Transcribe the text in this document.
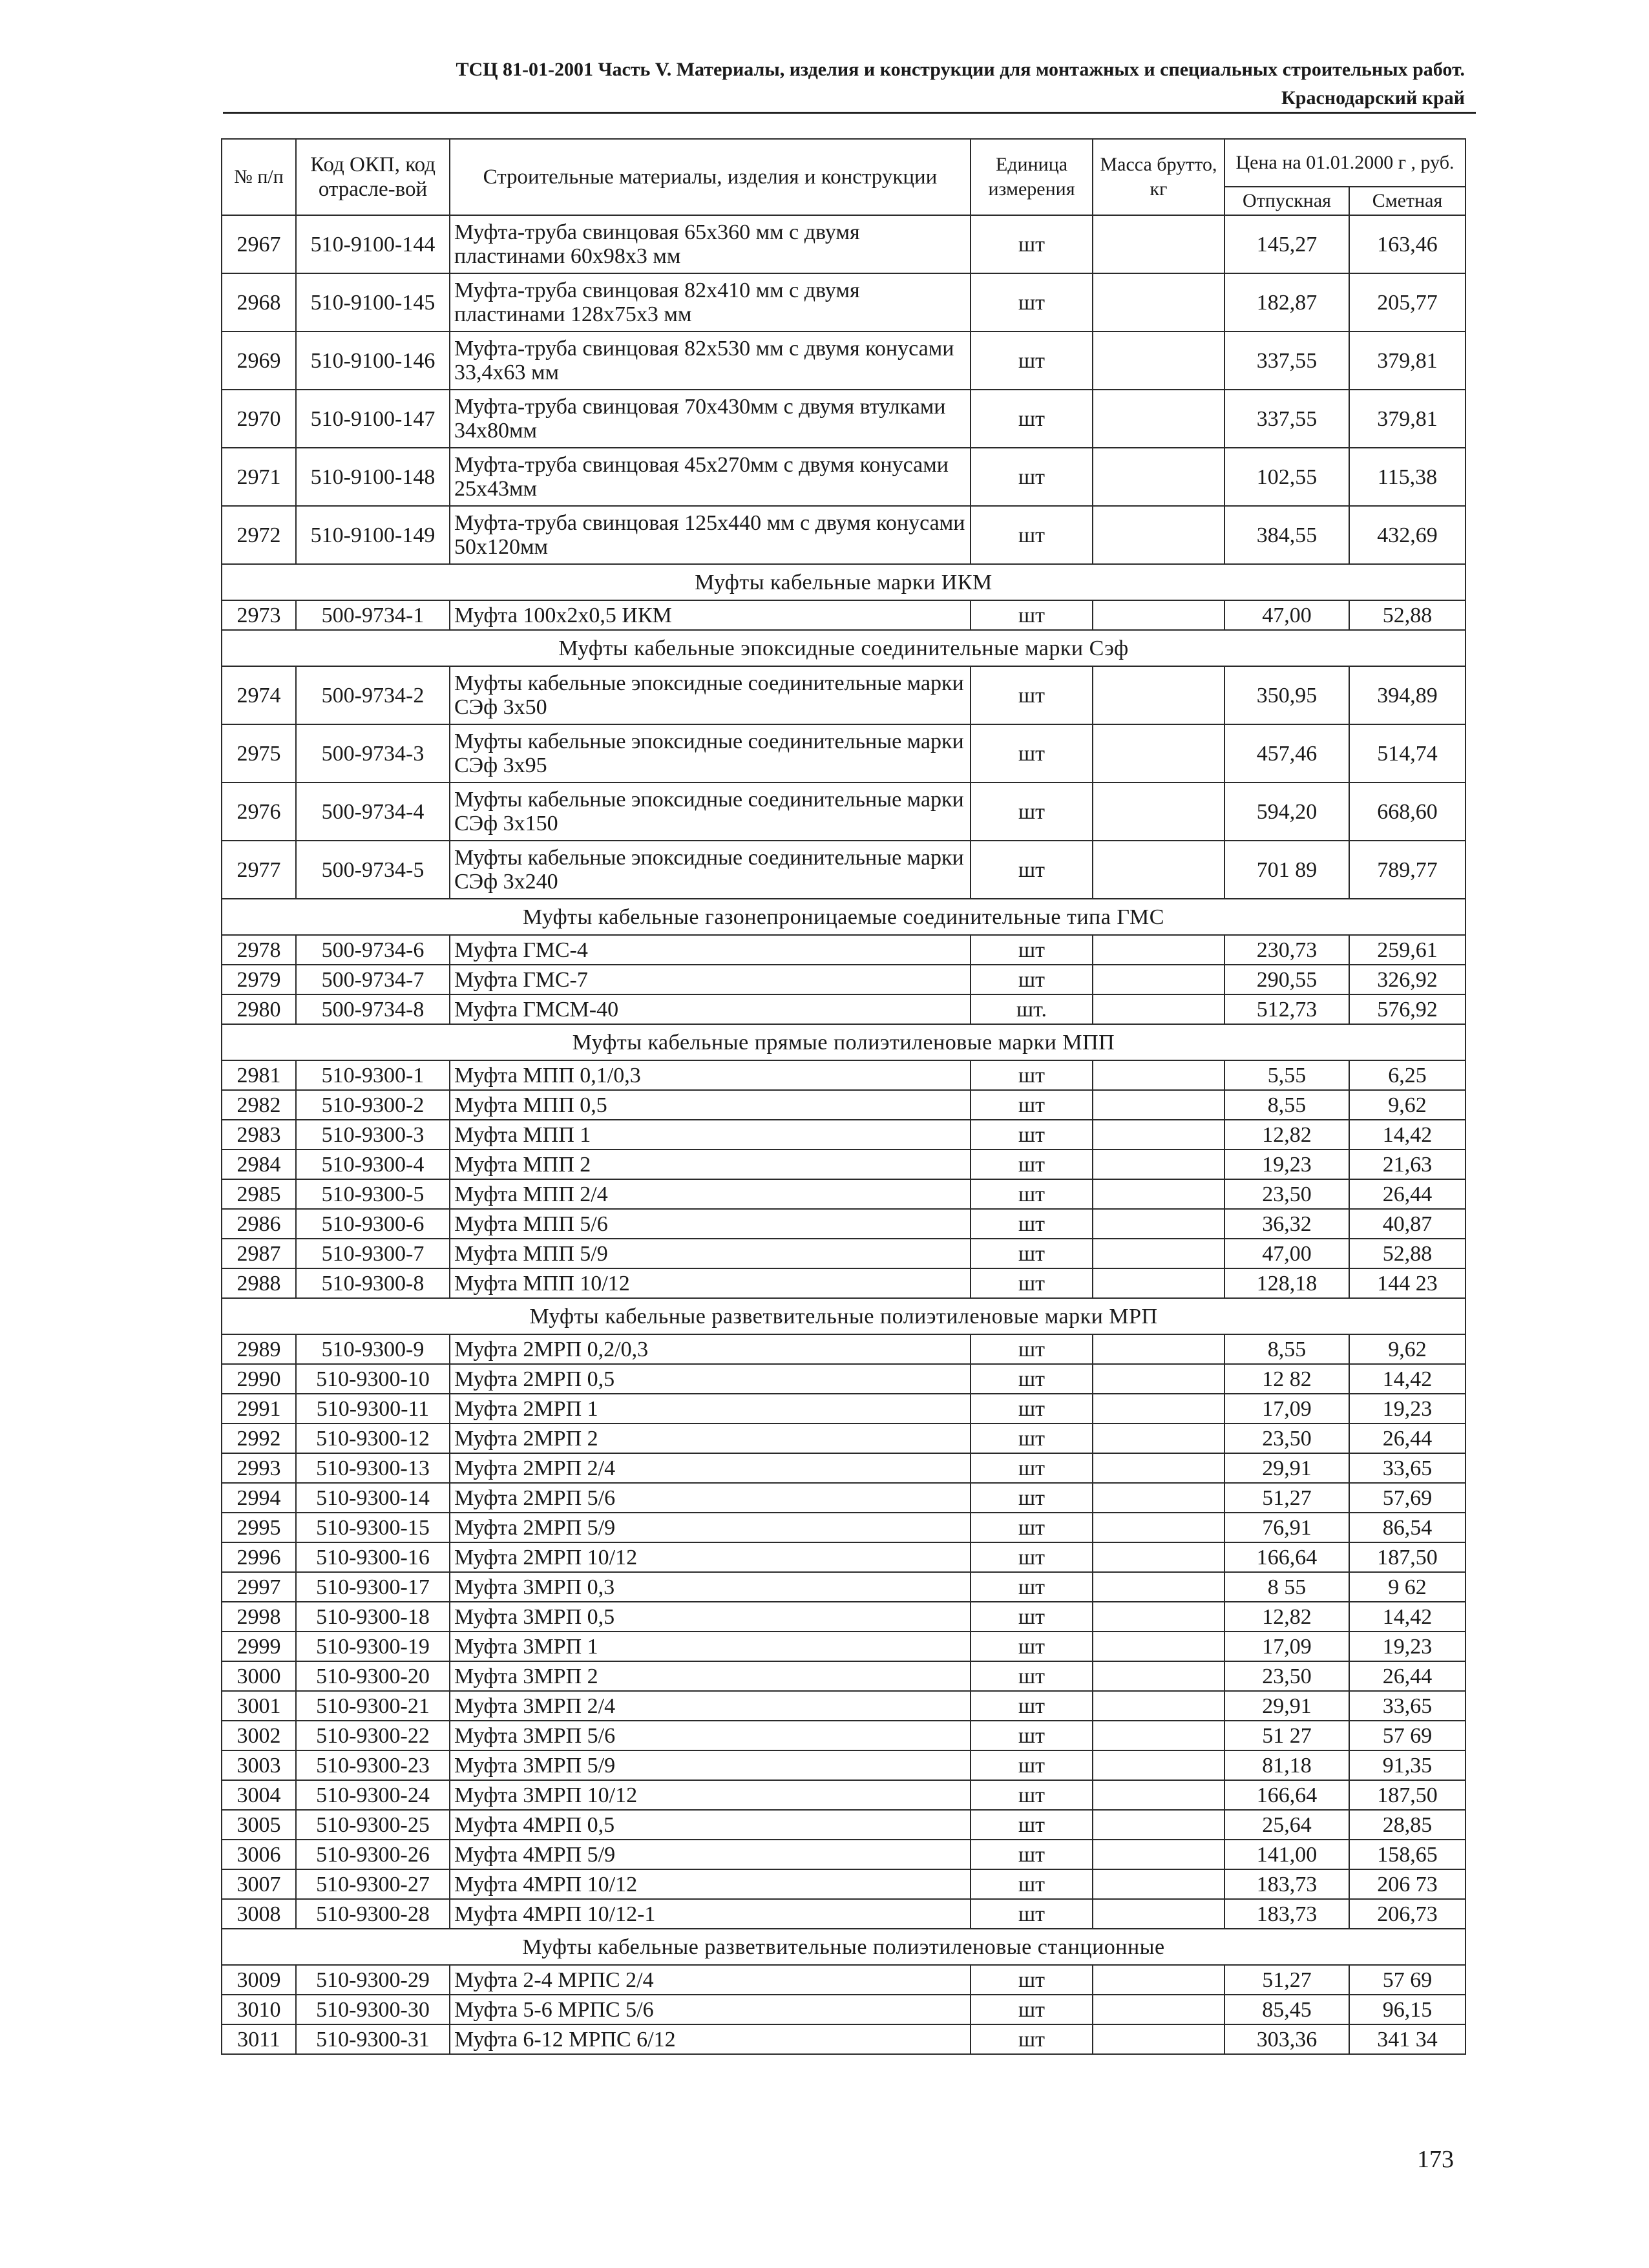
ТСЦ 81-01-2001 Часть V. Материалы, изделия и конструкции для монтажных и специальных строительных работ.
Краснодарский край
№ п/п	Код ОКП, код отрасле-вой	Строительные материалы, изделия и конструкции	Единица измерения	Масса брутто, кг	Цена на 01.01.2000 г , руб.	
					Отпускная	Сметная
2967	510-9100-144	Муфта-труба свинцовая 65х360 мм с двумя пластинами 60х98х3 мм	шт		145,27	163,46
2968	510-9100-145	Муфта-труба свинцовая 82х410 мм с двумя пластинами 128х75х3 мм	шт		182,87	205,77
2969	510-9100-146	Муфта-труба свинцовая 82х530 мм с двумя конусами 33,4х63 мм	шт		337,55	379,81
2970	510-9100-147	Муфта-труба свинцовая 70х430мм с двумя втулками 34х80мм	шт		337,55	379,81
2971	510-9100-148	Муфта-труба свинцовая 45х270мм с двумя конусами 25х43мм	шт		102,55	115,38
2972	510-9100-149	Муфта-труба свинцовая 125х440 мм с двумя конусами 50х120мм	шт		384,55	432,69
Муфты кабельные марки ИКМ						
2973	500-9734-1	Муфта 100х2х0,5 ИКМ	шт		47,00	52,88
Муфты кабельные эпоксидные соединительные марки Сэф						
2974	500-9734-2	Муфты кабельные эпоксидные соединительные марки СЭф 3х50	шт		350,95	394,89
2975	500-9734-3	Муфты кабельные эпоксидные соединительные марки СЭф 3х95	шт		457,46	514,74
2976	500-9734-4	Муфты кабельные эпоксидные соединительные марки СЭф 3х150	шт		594,20	668,60
2977	500-9734-5	Муфты кабельные эпоксидные соединительные марки СЭф 3х240	шт		701 89	789,77
Муфты кабельные газонепроницаемые соединительные типа ГМС						
2978	500-9734-6	Муфта ГМС-4	шт		230,73	259,61
2979	500-9734-7	Муфта ГМС-7	шт		290,55	326,92
2980	500-9734-8	Муфта ГМСМ-40	шт.		512,73	576,92
Муфты кабельные прямые полиэтиленовые марки МПП						
2981	510-9300-1	Муфта МПП 0,1/0,3	шт		5,55	6,25
2982	510-9300-2	Муфта МПП 0,5	шт		8,55	9,62
2983	510-9300-3	Муфта МПП 1	шт		12,82	14,42
2984	510-9300-4	Муфта МПП 2	шт		19,23	21,63
2985	510-9300-5	Муфта МПП 2/4	шт		23,50	26,44
2986	510-9300-6	Муфта МПП 5/6	шт		36,32	40,87
2987	510-9300-7	Муфта МПП 5/9	шт		47,00	52,88
2988	510-9300-8	Муфта МПП 10/12	шт		128,18	144 23
Муфты кабельные разветвительные полиэтиленовые марки МРП						
2989	510-9300-9	Муфта 2МРП 0,2/0,3	шт		8,55	9,62
2990	510-9300-10	Муфта 2МРП 0,5	шт		12 82	14,42
2991	510-9300-11	Муфта 2МРП 1	шт		17,09	19,23
2992	510-9300-12	Муфта 2МРП 2	шт		23,50	26,44
2993	510-9300-13	Муфта 2МРП 2/4	шт		29,91	33,65
2994	510-9300-14	Муфта 2МРП 5/6	шт		51,27	57,69
2995	510-9300-15	Муфта 2МРП 5/9	шт		76,91	86,54
2996	510-9300-16	Муфта 2МРП 10/12	шт		166,64	187,50
2997	510-9300-17	Муфта 3МРП 0,3	шт		8 55	9 62
2998	510-9300-18	Муфта 3МРП 0,5	шт		12,82	14,42
2999	510-9300-19	Муфта 3МРП 1	шт		17,09	19,23
3000	510-9300-20	Муфта 3МРП 2	шт		23,50	26,44
3001	510-9300-21	Муфта 3МРП 2/4	шт		29,91	33,65
3002	510-9300-22	Муфта 3МРП 5/6	шт		51 27	57 69
3003	510-9300-23	Муфта 3МРП 5/9	шт		81,18	91,35
3004	510-9300-24	Муфта 3МРП 10/12	шт		166,64	187,50
3005	510-9300-25	Муфта 4МРП 0,5	шт		25,64	28,85
3006	510-9300-26	Муфта 4МРП 5/9	шт		141,00	158,65
3007	510-9300-27	Муфта 4МРП 10/12	шт		183,73	206 73
3008	510-9300-28	Муфта 4МРП 10/12-1	шт		183,73	206,73
Муфты кабельные разветвительные полиэтиленовые станционные						
3009	510-9300-29	Муфта 2-4 МРПС 2/4	шт		51,27	57 69
3010	510-9300-30	Муфта 5-6 МРПС 5/6	шт		85,45	96,15
3011	510-9300-31	Муфта 6-12 МРПС 6/12	шт		303,36	341 34
173
